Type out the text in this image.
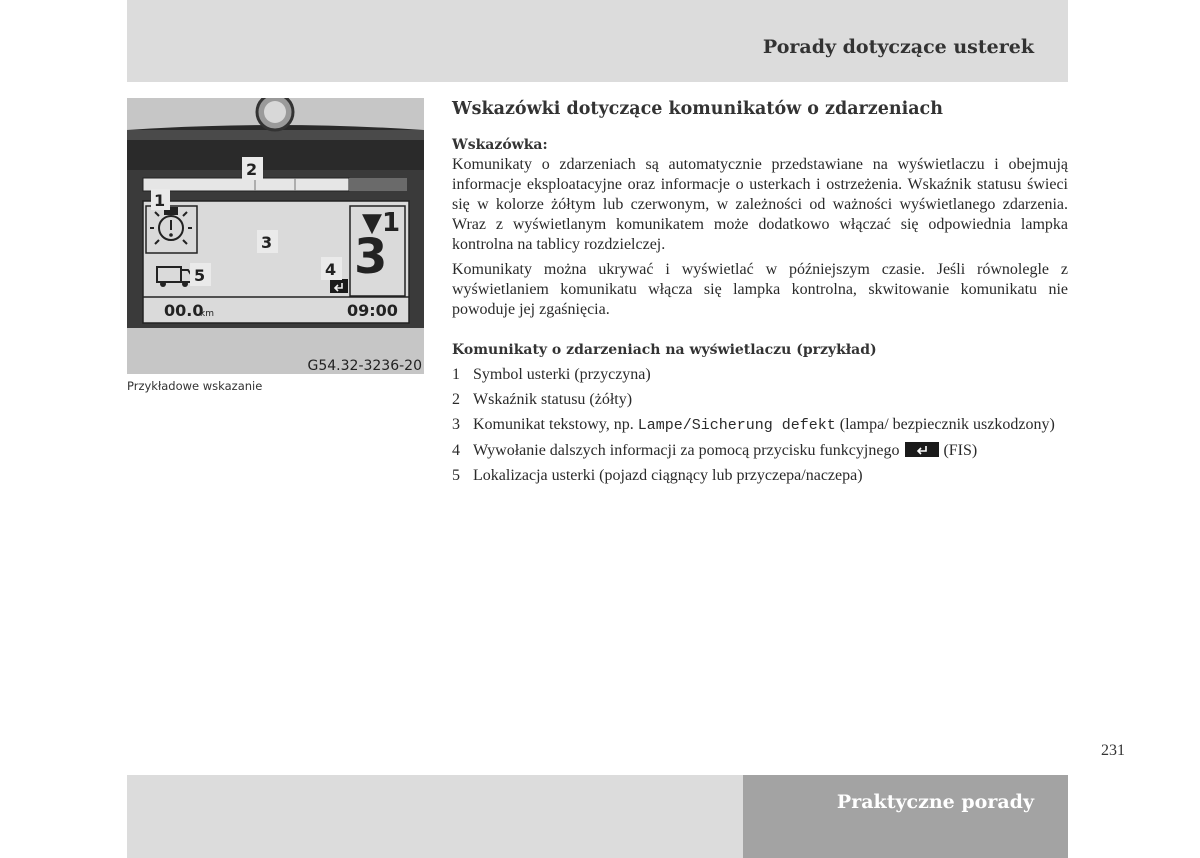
Porady dotyczące usterek
▼1
3
00.0
km	09:00
2
1
3
4
5
G54.32-3236-20
Przykładowe wskazanie
Wskazówki dotyczące komunikatów o zdarzeniach
Wskazówka:

Komunikaty o zdarzeniach są automatycznie przedstawiane na wyświetlaczu i obejmują informacje eksploatacyjne oraz informacje o usterkach i ostrzeżenia. Wskaźnik statusu świeci się w kolorze żółtym lub czerwonym, w zależności od ważności wyświetlanego zdarzenia. Wraz z wyświetlanym komunikatem może dodatkowo włączać się odpowiednia lampka kontrolna na tablicy rozdzielczej.

Komunikaty można ukrywać i wyświetlać w późniejszym czasie. Jeśli równolegle z wyświetlaniem komunikatu włącza się lampka kontrolna, skwitowanie komunikatu nie powoduje jej zgaśnięcia.

Komunikaty o zdarzeniach na wyświetlaczu (przykład)
1 Symbol usterki (przyczyna)
2 Wskaźnik statusu (żółty)
3 Komunikat tekstowy, np. Lampe/Sicherung defekt (lampa/ bezpiecznik uszkodzony)
4 Wywołanie dalszych informacji za pomocą przycisku funkcyjnego	(FIS)
5 Lokalizacja usterki (pojazd ciągnący lub przyczepa/naczepa)
231
Praktyczne porady
